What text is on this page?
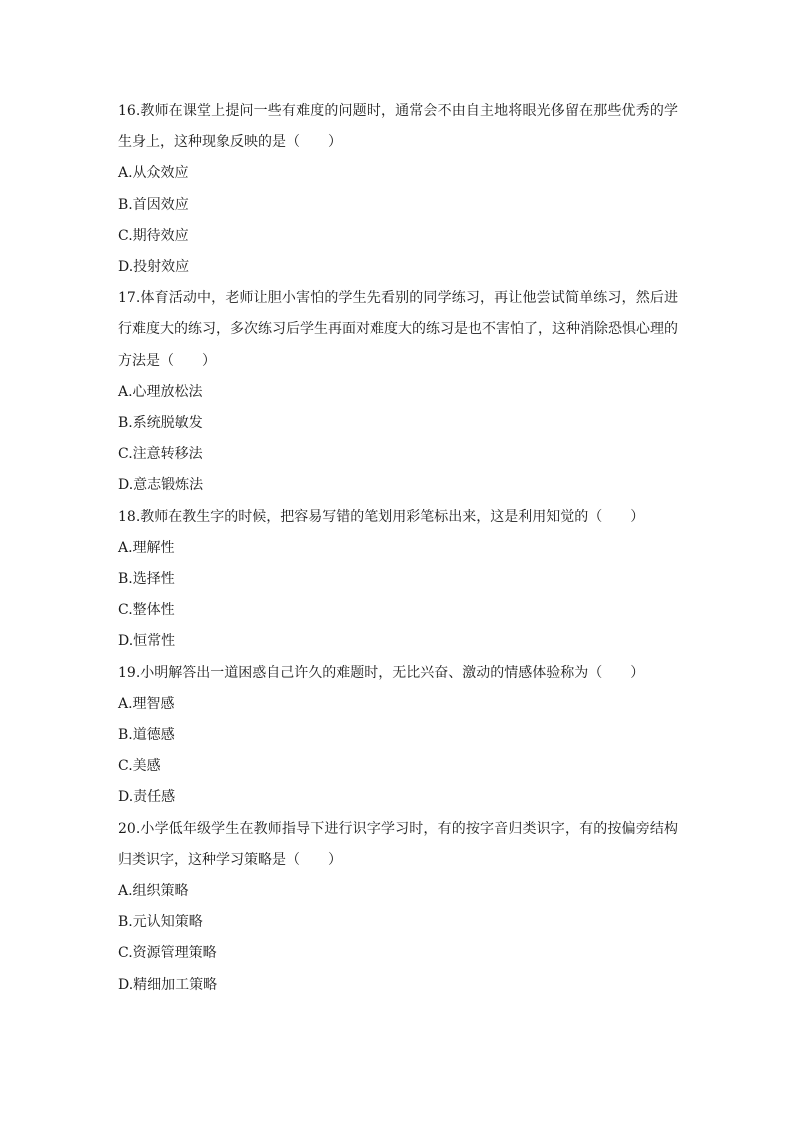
16.教师在课堂上提问一些有难度的问题时，通常会不由自主地将眼光侈留在那些优秀的学生身上，这种现象反映的是（　　）

A.从众效应

B.首因效应

C.期待效应

D.投射效应

17.体育活动中，老师让胆小害怕的学生先看别的同学练习，再让他尝试简单练习，然后进行难度大的练习，多次练习后学生再面对难度大的练习是也不害怕了，这种消除恐惧心理的方法是（　　）

A.心理放松法

B.系统脱敏发

C.注意转移法

D.意志锻炼法

18.教师在教生字的时候，把容易写错的笔划用彩笔标出来，这是利用知觉的（　　）

A.理解性

B.选择性

C.整体性

D.恒常性

19.小明解答出一道困惑自己许久的难题时，无比兴奋、激动的情感体验称为（　　）

A.理智感

B.道德感

C.美感

D.责任感

20.小学低年级学生在教师指导下进行识字学习时，有的按字音归类识字，有的按偏旁结构归类识字，这种学习策略是（　　）

A.组织策略

B.元认知策略

C.资源管理策略

D.精细加工策略
